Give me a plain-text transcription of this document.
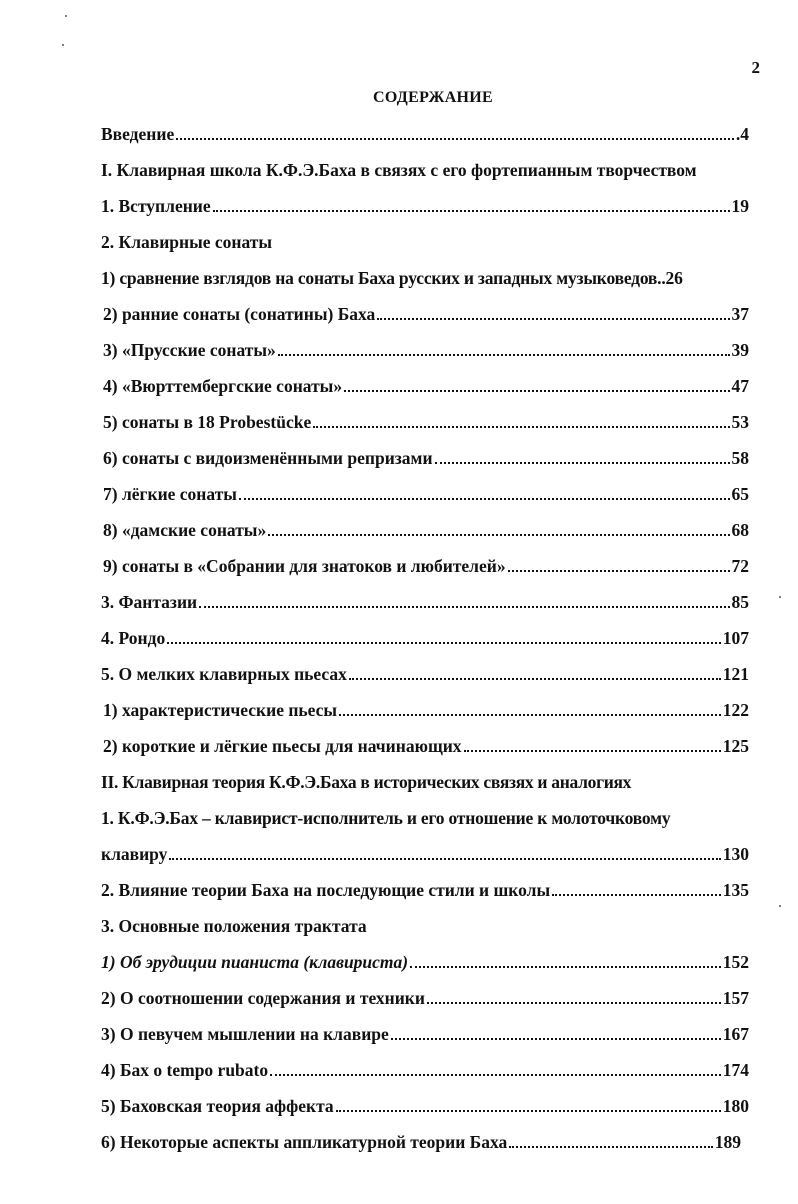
2
СОДЕРЖАНИЕ
Введение	.4
I. Клавирная школа К.Ф.Э.Баха в связях с его фортепианным творчеством
1. Вступление	19
2. Клавирные сонаты
1) сравнение взглядов на сонаты Баха русских и западных музыковедов. .26
2) ранние сонаты (сонатины) Баха	37
3) «Прусские сонаты»	39
4) «Вюрттембергские сонаты»	47
5) сонаты в 18 Probestücke	53
6) сонаты с видоизменёнными репризами	58
7) лёгкие сонаты	65
8) «дамские сонаты»	68
9) сонаты в «Собрании для знатоков и любителей»	72
3. Фантазии	85
4. Рондо	107
5. О мелких клавирных пьесах	121
1) характеристические пьесы	122
2) короткие и лёгкие пьесы для начинающих	125
II. Клавирная теория К.Ф.Э.Баха в исторических связях и аналогиях
1. К.Ф.Э.Бах – клавирист-исполнитель и его отношение к молоточковому
клавиру	130
2. Влияние теории Баха на последующие стили и школы	135
3. Основные положения трактата
1) Об эрудиции пианиста (клавириста)	152
2) О соотношении содержания и техники	157
3) О певучем мышлении на клавире	167
4) Бах о tempo rubato	174
5) Баховская теория аффекта	180
6) Некоторые аспекты аппликатурной теории Баха	189
